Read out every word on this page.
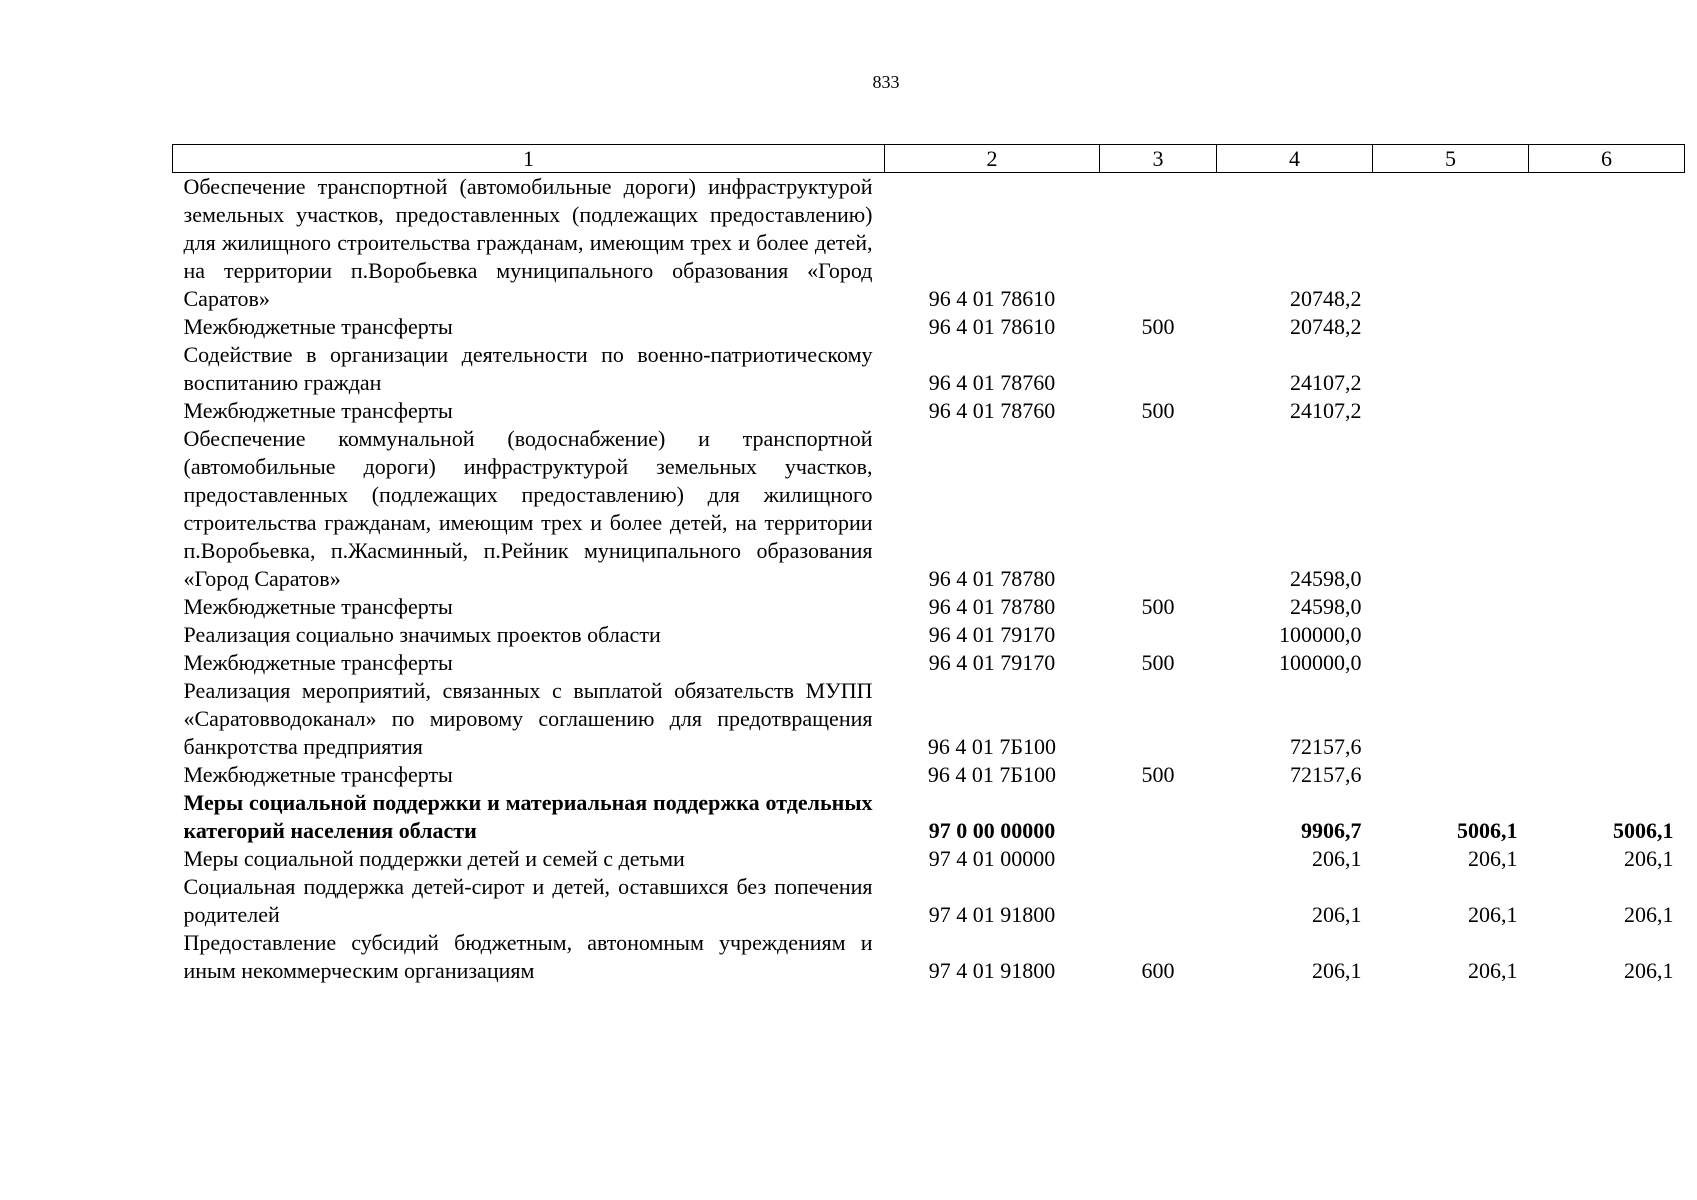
833
1	2	3	4	5	6
Обеспечение транспортной (автомобильные дороги) инфраструктурой земельных участков, предоставленных (подлежащих предоставлению) для жилищного строительства гражданам, имеющим трех и более детей, на территории п.Воробьевка муниципального образования «Город Саратов»	96 4 01 78610		20748,2		
Межбюджетные трансферты	96 4 01 78610	500	20748,2		
Содействие в организации деятельности по военно-патриотическому воспитанию граждан	96 4 01 78760		24107,2		
Межбюджетные трансферты	96 4 01 78760	500	24107,2		
Обеспечение коммунальной (водоснабжение) и транспортной (автомобильные дороги) инфраструктурой земельных участков, предоставленных (подлежащих предоставлению) для жилищного строительства гражданам, имеющим трех и более детей, на территории п.Воробьевка, п.Жасминный, п.Рейник муниципального образования «Город Саратов»	96 4 01 78780		24598,0		
Межбюджетные трансферты	96 4 01 78780	500	24598,0		
Реализация социально значимых проектов области	96 4 01 79170		100000,0		
Межбюджетные трансферты	96 4 01 79170	500	100000,0		
Реализация мероприятий, связанных с выплатой обязательств МУПП «Саратовводоканал» по мировому соглашению для предотвращения банкротства предприятия	96 4 01 7Б100		72157,6		
Межбюджетные трансферты	96 4 01 7Б100	500	72157,6		
Меры социальной поддержки и материальная поддержка отдельных категорий населения области	97 0 00 00000		9906,7	5006,1	5006,1
Меры социальной поддержки детей и семей с детьми	97 4 01 00000		206,1	206,1	206,1
Социальная поддержка детей-сирот и детей, оставшихся без попечения родителей	97 4 01 91800		206,1	206,1	206,1
Предоставление субсидий бюджетным, автономным учреждениям и иным некоммерческим организациям	97 4 01 91800	600	206,1	206,1	206,1
